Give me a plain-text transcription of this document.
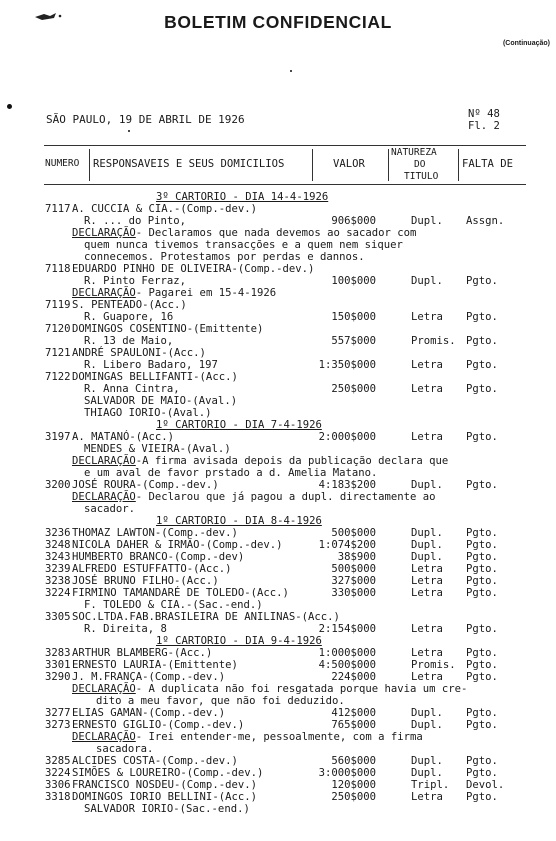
BOLETIM CONFIDENCIAL
(Continuação)
SÃO PAULO, 19 DE ABRIL DE 1926	Nº 48
Fl. 2
NUMERO RESPONSAVEIS E SEUS DOMICILIOS	VALOR
NATUREZA
DO
TITULO
FALTA DE
3º CARTORIO - DIA 14-4-1926
7117 A. CUCCIA & CIA.-(Comp.-dev.)
R. ... do Pinto,	906$000	Dupl. Assgn.
DECLARAÇÃO- Declaramos que nada devemos ao sacador com
quem nunca tivemos transacções e a quem nem siquer
connecemos. Protestamos por perdas e dannos.
7118 EDUARDO PINHO DE OLIVEIRA-(Comp.-dev.)
R. Pinto Ferraz,	100$000	Dupl. Pgto.
DECLARAÇÃO- Pagarei em 15-4-1926
7119 S. PENTEADO-(Acc.)
R. Guapore, 16	150$000	Letra Pgto.
7120 DOMINGOS COSENTINO-(Emittente)
R. 13 de Maio,	557$000	Promis. Pgto.
7121 ANDRÉ SPAULONI-(Acc.)
R. Libero Badaro, 197	1:350$000	Letra Pgto.
7122 DOMINGAS BELLIFANTI-(Acc.)
R. Anna Cintra,	250$000	Letra Pgto.
SALVADOR DE MAIO-(Aval.)
THIAGO IORIO-(Aval.)
1º CARTORIO - DIA 7-4-1926
3197 A. MATANÓ-(Acc.)	2:000$000	Letra Pgto.
MENDES & VIEIRA-(Aval.)
DECLARAÇÃO-A firma avisada depois da publicação declara que
e um aval de favor prstado a d. Amelia Matano.
3200 JOSÉ ROURA-(Comp.-dev.)	4:183$200	Dupl. Pgto.
DECLARAÇÃO- Declarou que já pagou a dupl. directamente ao
sacador.
1º CARTORIO - DIA 8-4-1926
3236 THOMAZ LAWTON-(Comp.-dev.)	500$000	Dupl. Pgto.
3248 NICOLA DAHER & IRMÃO-(Comp.-dev.)	1:074$200	Dupl. Pgto.
3243 HUMBERTO BRANCO-(Comp.-dev)	38$900	Dupl. Pgto.
3239 ALFREDO ESTUFFATTO-(Acc.)	500$000	Letra Pgto.
3238 JOSÉ BRUNO FILHO-(Acc.)	327$000	Letra Pgto.
3224 FIRMINO TAMANDARÉ DE TOLEDO-(Acc.)	330$000	Letra Pgto.
F. TOLEDO & CIA.-(Sac.-end.)
3305 SOC.LTDA.FAB.BRASILEIRA DE ANILINAS-(Acc.)
R. Direita, 8	2:154$000	Letra Pgto.
1º CARTORIO - DIA 9-4-1926
3283 ARTHUR BLAMBERG-(Acc.)	1:000$000	Letra Pgto.
3301 ERNESTO LAURIA-(Emittente)	4:500$000	Promis. Pgto.
3290 J. M.FRANÇA-(Comp.-dev.)	224$000	Letra Pgto.
DECLARAÇÃO- A duplicata não foi resgatada porque havia um cre-
dito a meu favor, que não foi deduzido.
3277 ELIAS GAMAN-(Comp.-dev.)	412$000	Dupl. Pgto.
3273 ERNESTO GIGLIO-(Comp.-dev.)	765$000	Dupl. Pgto.
DECLARAÇÃO- Irei entender-me, pessoalmente, com a firma
sacadora.
3285 ALCIDES COSTA-(Comp.-dev.)	560$000	Dupl. Pgto.
3224 SIMÕES & LOUREIRO-(Comp.-dev.)	3:000$000	Dupl. Pgto.
3306 FRANCISCO NOSDEU-(Comp.-dev.)	120$000	Tripl. Devol.
3318 DOMINGOS IORIO BELLINI-(Acc.)	250$000	Letra Pgto.
SALVADOR IORIO-(Sac.-end.)
